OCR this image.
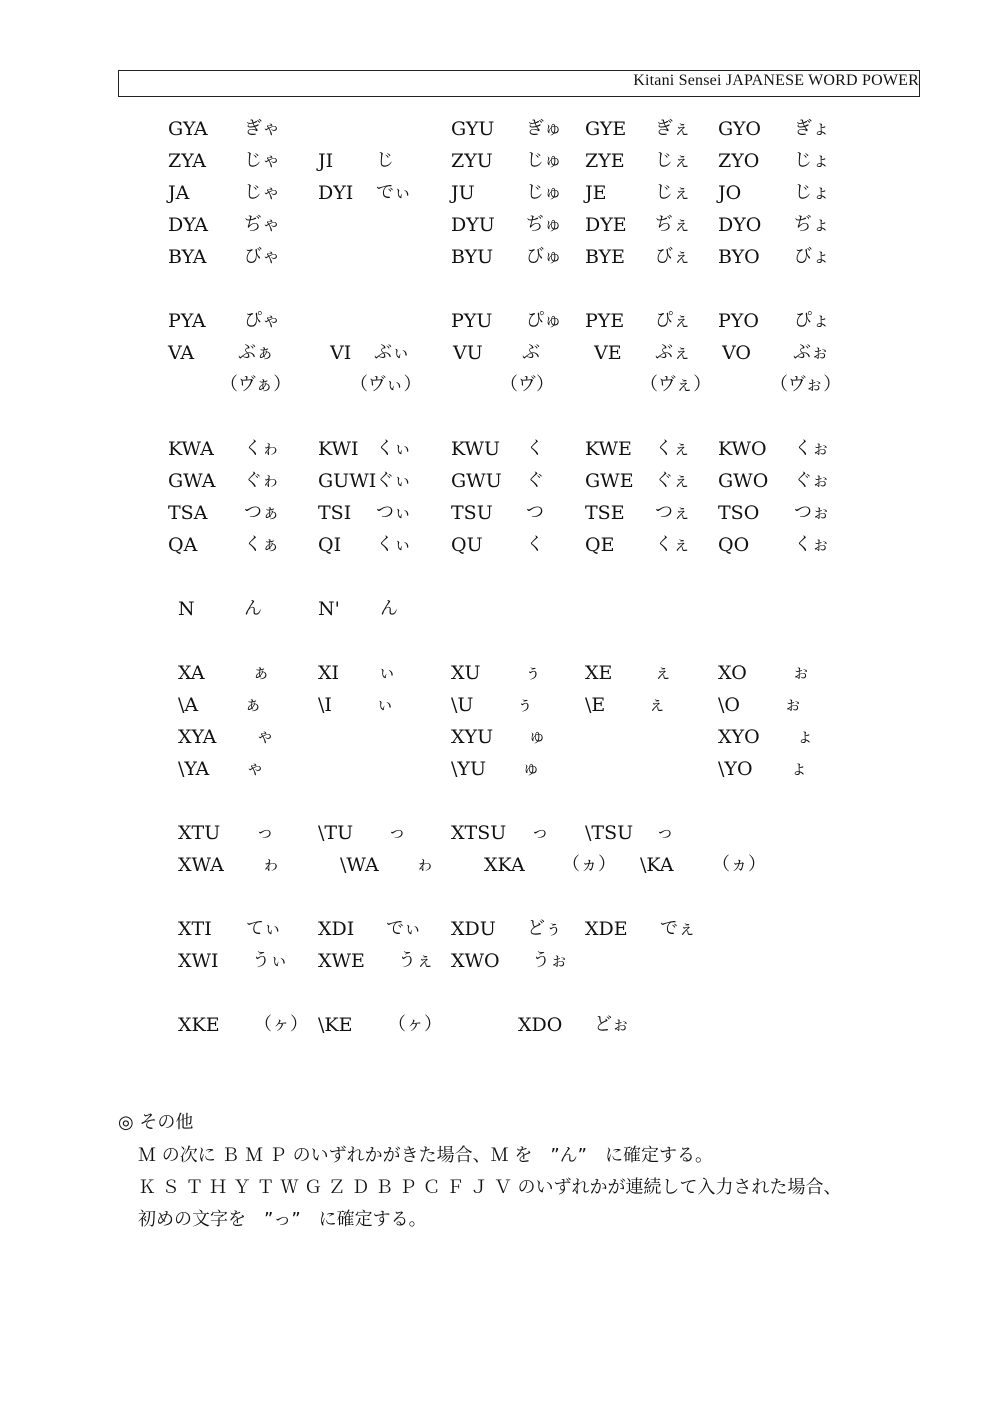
Kitani Sensei JAPANESE WORD POWER
GYA ぎゃ	GYU ぎゅ GYE ぎぇ GYO ぎょ
ZYA じゃ JI じ	ZYU じゅ ZYE じぇ ZYO じょ
JA	じゃ DYI でぃ JU	じゅ JE	じぇ JO	じょ
DYA ぢゃ	DYU ぢゅ DYE ぢぇ DYO ぢょ
BYA びゃ	BYU びゅ BYE びぇ BYO びょ
PYA ぴゃ	PYU ぴゅ PYE ぴぇ PYO ぴょ
VA ぶぁ	VI ぶぃ VU ぶ	VE ぶぇ VO ぶぉ
（ヴぁ）	（ヴぃ）	（ヴ）	（ヴぇ）	（ヴぉ）
KWA くゎ KWI くぃ KWU く KWE くぇ KWO くぉ
GWA ぐゎ GUWI ぐぃ GWU ぐ GWE ぐぇ GWO ぐぉ
TSA つぁ TSI つぃ TSU つ TSE つぇ TSO つぉ
QA	くぁ QI くぃ QU く QE くぇ QO くぉ
N	ん	N' ん
XA	ぁ	XI ぃ	XU ぅ XE ぇ XO	ぉ
\A	ぁ	\I ぃ	\U ぅ	\E ぇ	\O ぉ
XYA ゃ	XYU ゅ	XYO ょ
\YA ゃ	\YU ゅ	\YO ょ
XTU っ \TU っ XTSU っ \TSU っ
XWA ゎ	\WA ゎ	XKA （ヵ） \KA （ヵ）
XTI てぃ XDI でぃ XDU どぅ XDE でぇ
XWI うぃ XWE うぇ XWO うぉ
XKE （ヶ） \KE （ヶ）	XDO どぉ
◎ その他
Ｍ の次に Ｂ Ｍ Ｐ のいずれかがきた場合、Ｍ を　”ん”　に確定する。
Ｋ Ｓ Ｔ Ｈ Ｙ Ｔ Ｗ Ｇ Ｚ Ｄ Ｂ Ｐ Ｃ Ｆ Ｊ Ｖ のいずれかが連続して入力された場合、
初めの文字を　”っ”　に確定する。
